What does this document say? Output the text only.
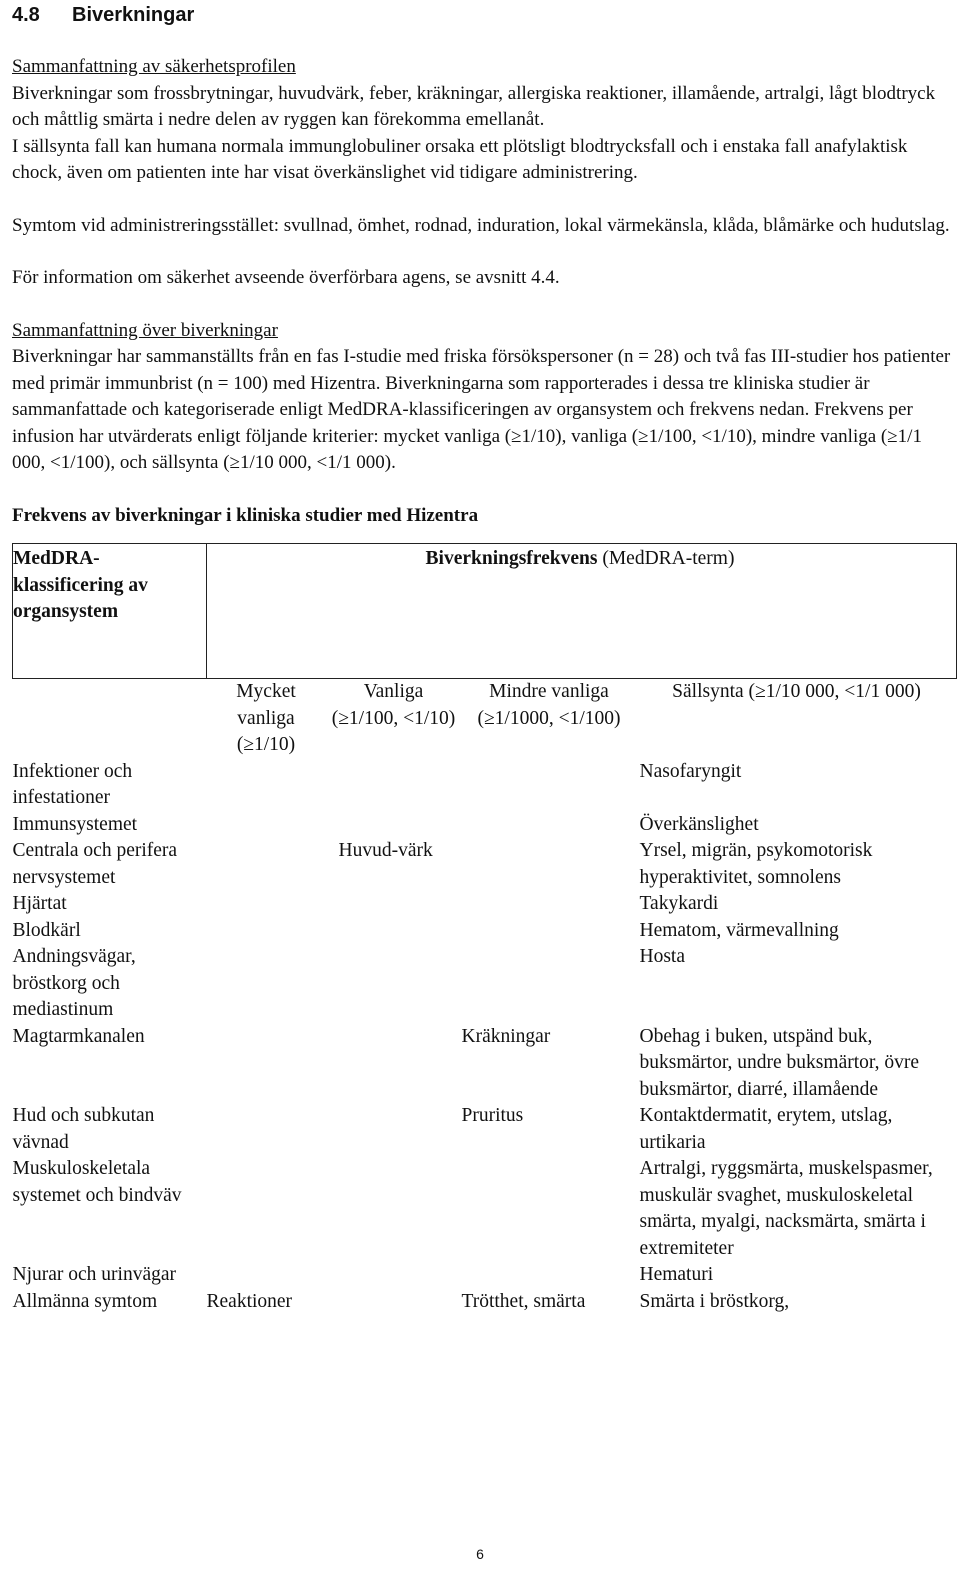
4.8 Biverkningar

Sammanfattning av säkerhetsprofilen

Biverkningar som frossbrytningar, huvudvärk, feber, kräkningar, allergiska reaktioner, illamående, artralgi, lågt blodtryck och måttlig smärta i nedre delen av ryggen kan förekomma emellanåt.

I sällsynta fall kan humana normala immunglobuliner orsaka ett plötsligt blodtrycksfall och i enstaka fall anafylaktisk chock, även om patienten inte har visat överkänslighet vid tidigare administrering.

Symtom vid administreringsstället: svullnad, ömhet, rodnad, induration, lokal värmekänsla, klåda, blåmärke och hudutslag.

För information om säkerhet avseende överförbara agens, se avsnitt 4.4.

Sammanfattning över biverkningar

Biverkningar har sammanställts från en fas I-studie med friska försökspersoner (n = 28) och två fas III-studier hos patienter med primär immunbrist (n = 100) med Hizentra. Biverkningarna som rapporterades i dessa tre kliniska studier är sammanfattade och kategoriserade enligt MedDRA-klassificeringen av organsystem och frekvens nedan. Frekvens per infusion har utvärderats enligt följande kriterier: mycket vanliga (≥1/10), vanliga (≥1/100, <1/10), mindre vanliga (≥1/1 000, <1/100), och sällsynta (≥1/10 000, <1/1 000).

Frekvens av biverkningar i kliniska studier med Hizentra

MedDRA-klassificering av organsystem	Biverkningsfrekvens (MedDRA-term)			
	Mycket vanliga (≥1/10)	Vanliga (≥1/100, <1/10)	Mindre vanliga (≥1/1000, <1/100)	Sällsynta (≥1/10 000, <1/1 000)
Infektioner och infestationer				Nasofaryngit
Immunsystemet				Överkänslighet
Centrala och perifera nervsystemet		Huvud-värk		Yrsel, migrän, psykomotorisk hyperaktivitet, somnolens
Hjärtat				Takykardi
Blodkärl				Hematom, värmevallning
Andningsvägar, bröstkorg och mediastinum				Hosta
Magtarmkanalen			Kräkningar	Obehag i buken, utspänd buk, buksmärtor, undre buksmärtor, övre buksmärtor, diarré, illamående
Hud och subkutan vävnad			Pruritus	Kontaktdermatit, erytem, utslag, urtikaria
Muskuloskeletala systemet och bindväv				Artralgi, ryggsmärta, muskelspasmer, muskulär svaghet, muskuloskeletal smärta, myalgi, nacksmärta, smärta i extremiteter
Njurar och urinvägar				Hematuri
Allmänna symtom	Reaktioner		Trötthet, smärta	Smärta i bröstkorg,
6
